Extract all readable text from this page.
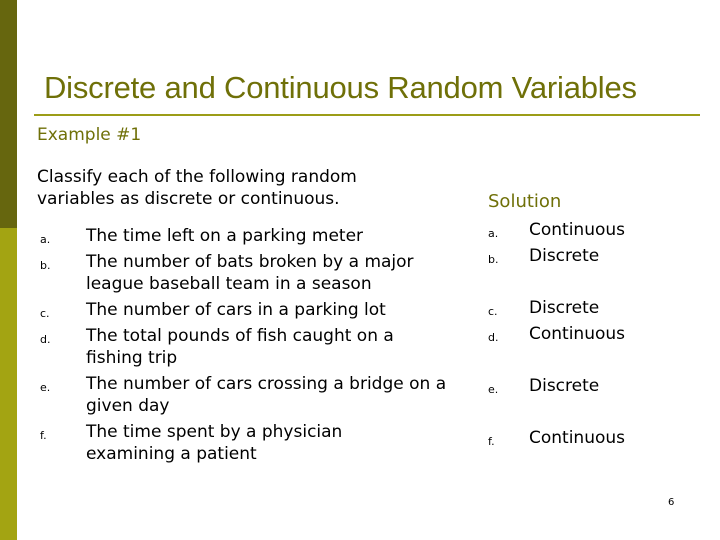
Discrete and Continuous Random Variables
Example #1
Classify each of the following random variables as discrete or continuous.	Solution
a. The time left on a parking meter
b. The number of bats broken by a major league baseball team in a season
c. The number of cars in a parking lot
d. The total pounds of fish caught on a fishing trip
e. The number of cars crossing a bridge on a given day
f. The time spent by a physician examining a patient
a. Continuous
b. Discrete
c. Discrete
d. Continuous
e. Discrete
f. Continuous
6
